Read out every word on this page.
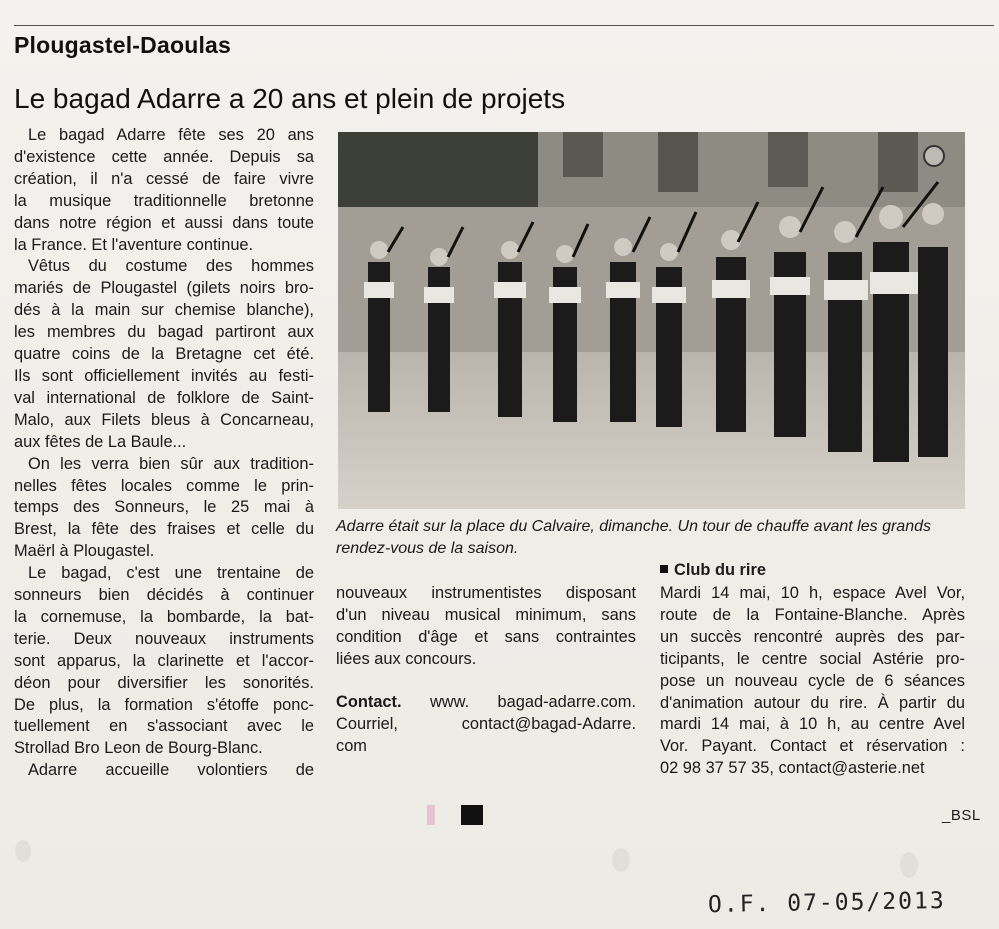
Plougastel-Daoulas
Le bagad Adarre a 20 ans et plein de projets
Le bagad Adarre fête ses 20 ans
d'existence cette année. Depuis sa
création, il n'a cessé de faire vivre
la musique traditionnelle bretonne
dans notre région et aussi dans toute
la France. Et l'aventure continue.
Vêtus du costume des hommes
mariés de Plougastel (gilets noirs bro-
dés à la main sur chemise blanche),
les membres du bagad partiront aux
quatre coins de la Bretagne cet été.
Ils sont officiellement invités au festi-
val international de folklore de Saint-
Malo, aux Filets bleus à Concarneau,
aux fêtes de La Baule...
On les verra bien sûr aux tradition-
nelles fêtes locales comme le prin-
temps des Sonneurs, le 25 mai à
Brest, la fête des fraises et celle du
Maërl à Plougastel.
Le bagad, c'est une trentaine de
sonneurs bien décidés à continuer
la cornemuse, la bombarde, la bat-
terie. Deux nouveaux instruments
sont apparus, la clarinette et l'accor-
déon pour diversifier les sonorités.
De plus, la formation s'étoffe ponc-
tuellement en s'associant avec le
Strollad Bro Leon de Bourg-Blanc.
Adarre accueille volontiers de
Adarre était sur la place du Calvaire, dimanche. Un tour de chauffe avant les grands rendez-vous de la saison.
nouveaux instrumentistes disposant
d'un niveau musical minimum, sans
condition d'âge et sans contraintes
liées aux concours.
Contact. www. bagad-adarre.com.
Courriel, contact@bagad-Adarre.
com
Club du rire
Mardi 14 mai, 10 h, espace Avel Vor,
route de la Fontaine-Blanche. Après
un succès rencontré auprès des par-
ticipants, le centre social Astérie pro-
pose un nouveau cycle de 6 séances
d'animation autour du rire. À partir du
mardi 14 mai, à 10 h, au centre Avel
Vor. Payant. Contact et réservation :
02 98 37 57 35, contact@asterie.net
_BSL
O.F. 07-05/2013
